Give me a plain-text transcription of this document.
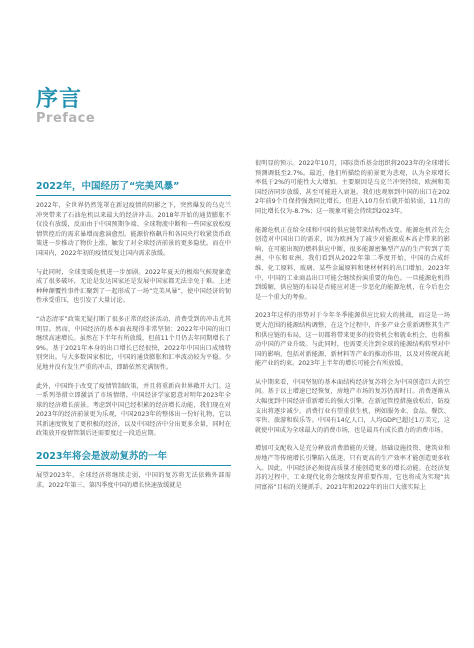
序言
Preface
2022年，中国经历了“完美风暴”

2022年，全世界仍然笼罩在新冠疫情的阴影之下，突然爆发的乌克兰冲突带来了石油危机以来最大的经济冲击。2018年开始的通货膨胀不仅没有放缓，反而由于中国预期争端、全球物流中断和一些国家放松疫情管控后的需求暴增而愈演愈烈。能源价格飙升和各国央行收紧货币政策进一步推动了物价上涨，触发了对全球经济前景的更多隐忧。而在中国国内，2022年初的疫情反复让国内需求放缓。

与此同时，全球变暖危机进一步加剧。2022年夏天的极端气候现象造成了很多破坏，无论是发达国家还是发展中国家都无法幸免于难。上述种种颠覆性事件汇聚到了一起形成了一场“完美风暴”，使中国经济的韧性承受重压，也引发了大量讨论。

“动态清零”政策无疑打断了很多正常的经济活动，消费受到的冲击尤其明显。然而，中国经济的基本面表现得非常坚韧：2022年中国的出口继续高速增长。虽然在下半年有所放缓，但前11个月仍去年同期增长了9%。基于2021年本身的出口增长已经很快，2022年中国出口成绩特别突出。与大多数国家相比，中国的通货膨胀和汇率波动较为平稳。少见地并没有发生严重的冲击，即路依然充满韧性。

此外，中国终于改变了疫情管制政策，并且将重新向世界敞开大门。这一系列举措立即激活了市场情绪。中国经济学家愿意对明年2023年全球的经济增长前景。考虑到中国已经积累的经济增长动能，我们现在对2023年的经济前景更为乐观，中国2023年的整体出一份好礼物，它以其新速度恢复了更积极的经济，以及中国经济中分出更多余量，同时在政策放开疫情管制后还需要度过一段适应期。

2023年将会是波动复苏的一年

展望2023年，全球经济将继续走弱，中国的复苏将无法依赖外部需求。2022年第三、第四季度中国的增长快速放缓就是

很明显的预示。2022年10月，国际货币基金组织将2023年的全球增长预测调低至2.7%。最近，他们所描绘的前景更为悲观，认为全球增长率低于2%的可能性大大增加。主要原因是乌克兰冲突持续，欧洲和美国经济同步放缓，甚至可能进入衰退。我们也观察到中国的出口在2022年前9个月保持强劲同比增长，但进入10月份后就开始转弱，11月的同比增长仅为-8.7%；这一现象可能会持续到2023年。

能源危机正在给全球和中国的供应链带来结构性改变。能源危机首先会创造对中国出口的需求，因为欧洲为了减少对能源成本高企带来的影响，在可能出现的燃料供应中断，很多能源密集型产品的生产转到了美洲、中东和亚洲。我们看到从2022年第二季度开始，中国的合成纤维、化工原料、玻璃、某些金属原料和建材材料的出口增加。2023年中，中国的工业商品出口可能会继续扮演重要的角色。一旦能源危机得到缓解，供应链的布局是否能应对进一步恶化的能源危机，在今后也会是一个重大的考验。

2023年这样的形势对于今年冬季能源供应比较大的挑战，而这是一场更大范围的能源结构调整，在这个过程中，许多产业会重新调整其生产和供应链的布局，这一切都将带来更多的投资机会和就业机会，也将推动中国的产业升级。与此同时，也需要关注到全球的能源结构转型对中国的影响，包括对新能源、新材料等产业的推动作用，以及对传统高耗能产业的约束。2023年上半年的增长可能会有所放缓。

从中期来看，中国坚韧的基本面结构经济复苏将会为中国创造巨大的空间。基于以上增速已经恢复，房地产市场的复苏仍需时日。消费逐渐从大幅度到中国经济重新增长的强大引擎，在新冠管控措施放松后，防疫支出将逐步减少，消费行业有望重获生机，例如服务业、食品、餐饮、零售、旅游和娱乐等。中国有14亿人口，人均GDP已超过1万美元，这就使中国成为全球最大的消费市场，也是最具有成长潜力的消费市场。

增加可支配收入是充分释放消费潜能的关键。基础设施投资、建筑业和房地产等传统增长引擎陷入低迷，只有更高的生产效率才能创造更多收入。因此，中国经济必须提高质量才能创造更多的增长动能。在经济复苏的过程中，工业现代化将会继续发挥重要作用，它也将成为实现“共同富裕”目标的关键抓手。2021年和2022年的出口大涨实际上
